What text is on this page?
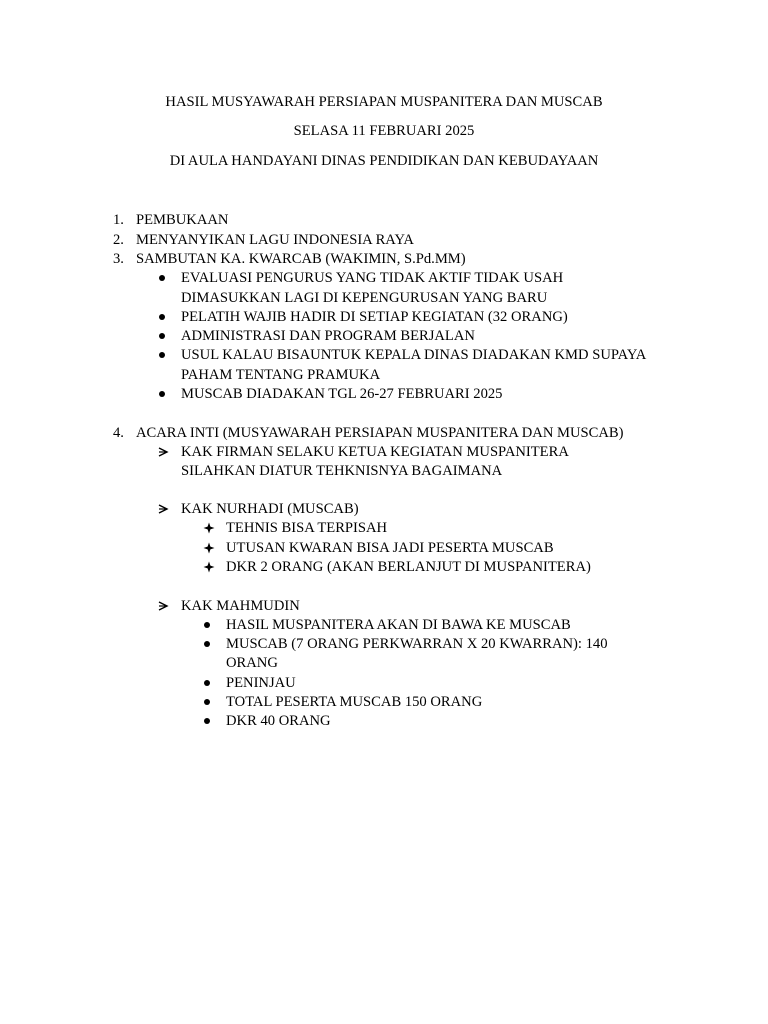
HASIL MUSYAWARAH PERSIAPAN MUSPANITERA DAN MUSCAB
SELASA 11 FEBRUARI 2025
DI AULA HANDAYANI DINAS PENDIDIKAN DAN KEBUDAYAAN
1. PEMBUKAAN
2. MENYANYIKAN LAGU INDONESIA RAYA
3. SAMBUTAN KA. KWARCAB (WAKIMIN, S.Pd.MM)
EVALUASI PENGURUS YANG TIDAK AKTIF TIDAK USAH
DIMASUKKAN LAGI DI KEPENGURUSAN YANG BARU
PELATIH WAJIB HADIR DI SETIAP KEGIATAN (32 ORANG)
ADMINISTRASI DAN PROGRAM BERJALAN
USUL KALAU BISAUNTUK KEPALA DINAS DIADAKAN KMD SUPAYA
PAHAM TENTANG PRAMUKA
MUSCAB DIADAKAN TGL 26-27 FEBRUARI 2025
4. ACARA INTI (MUSYAWARAH PERSIAPAN MUSPANITERA DAN MUSCAB)
KAK FIRMAN SELAKU KETUA KEGIATAN MUSPANITERA
SILAHKAN DIATUR TEHKNISNYA BAGAIMANA
KAK NURHADI (MUSCAB)
TEHNIS BISA TERPISAH
UTUSAN KWARAN BISA JADI PESERTA MUSCAB
DKR 2 ORANG (AKAN BERLANJUT DI MUSPANITERA)
KAK MAHMUDIN
HASIL MUSPANITERA AKAN DI BAWA KE MUSCAB
MUSCAB (7 ORANG PERKWARRAN X 20 KWARRAN): 140
ORANG
PENINJAU
TOTAL PESERTA MUSCAB 150 ORANG
DKR 40 ORANG
